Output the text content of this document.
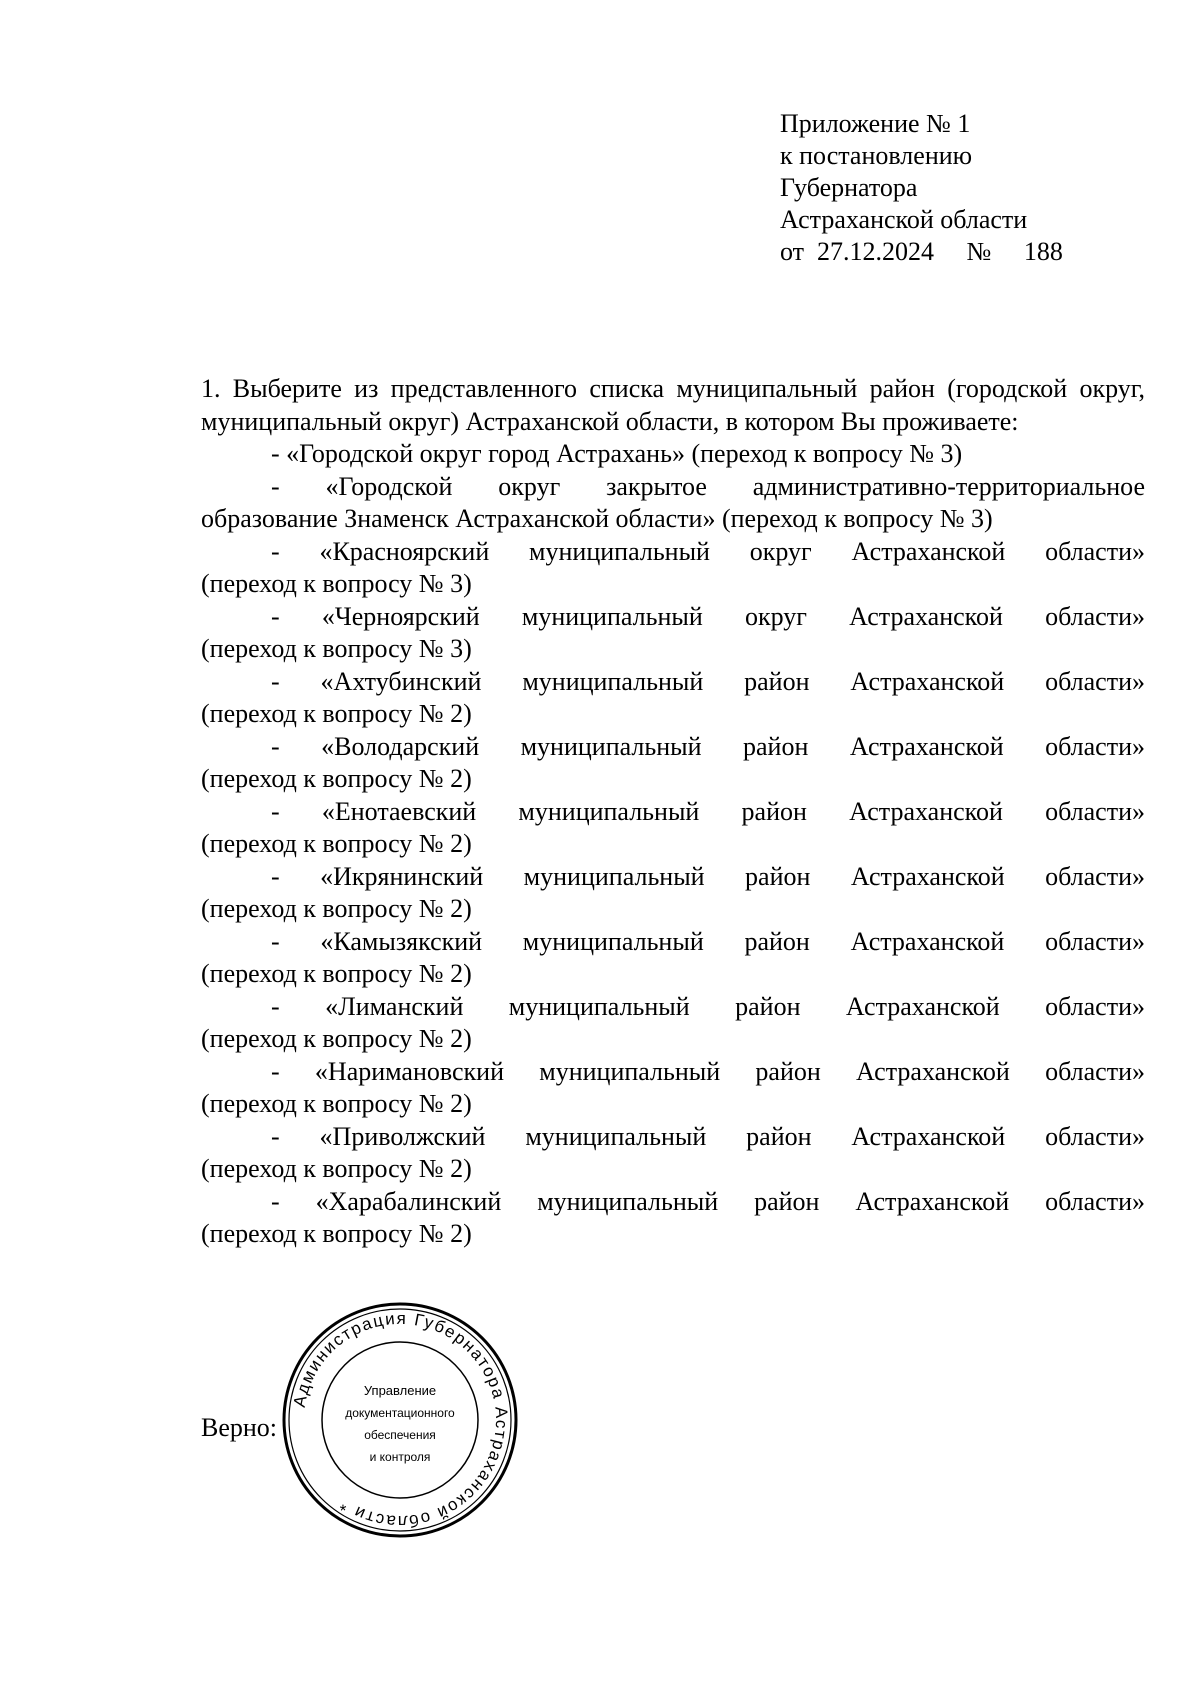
Приложение № 1
к постановлению
Губернатора
Астраханской области
от 27.12.2024 № 188

1. Выберите из представленного списка муниципальный район (городской округ, муниципальный округ) Астраханской области, в котором Вы проживаете:

- «Городской округ город Астрахань» (переход к вопросу № 3)
- «Городской округ закрытое административно-территориальное
образование Знаменск Астраханской области» (переход к вопросу № 3)
- «Красноярский муниципальный округ Астраханской области»
(переход к вопросу № 3)
- «Черноярский муниципальный округ Астраханской области»
(переход к вопросу № 3)
- «Ахтубинский муниципальный район Астраханской области»
(переход к вопросу № 2)
- «Володарский муниципальный район Астраханской области»
(переход к вопросу № 2)
- «Енотаевский муниципальный район Астраханской области»
(переход к вопросу № 2)
- «Икрянинский муниципальный район Астраханской области»
(переход к вопросу № 2)
- «Камызякский муниципальный район Астраханской области»
(переход к вопросу № 2)
- «Лиманский муниципальный район Астраханской области»
(переход к вопросу № 2)
- «Наримановский муниципальный район Астраханской области»
(переход к вопросу № 2)
- «Приволжский муниципальный район Астраханской области»
(переход к вопросу № 2)
- «Харабалинский муниципальный район Астраханской области»
(переход к вопросу № 2)
Верно:
Администрация Губернатора Астраханской области *
Управление
документационного
обеспечения
и контроля
